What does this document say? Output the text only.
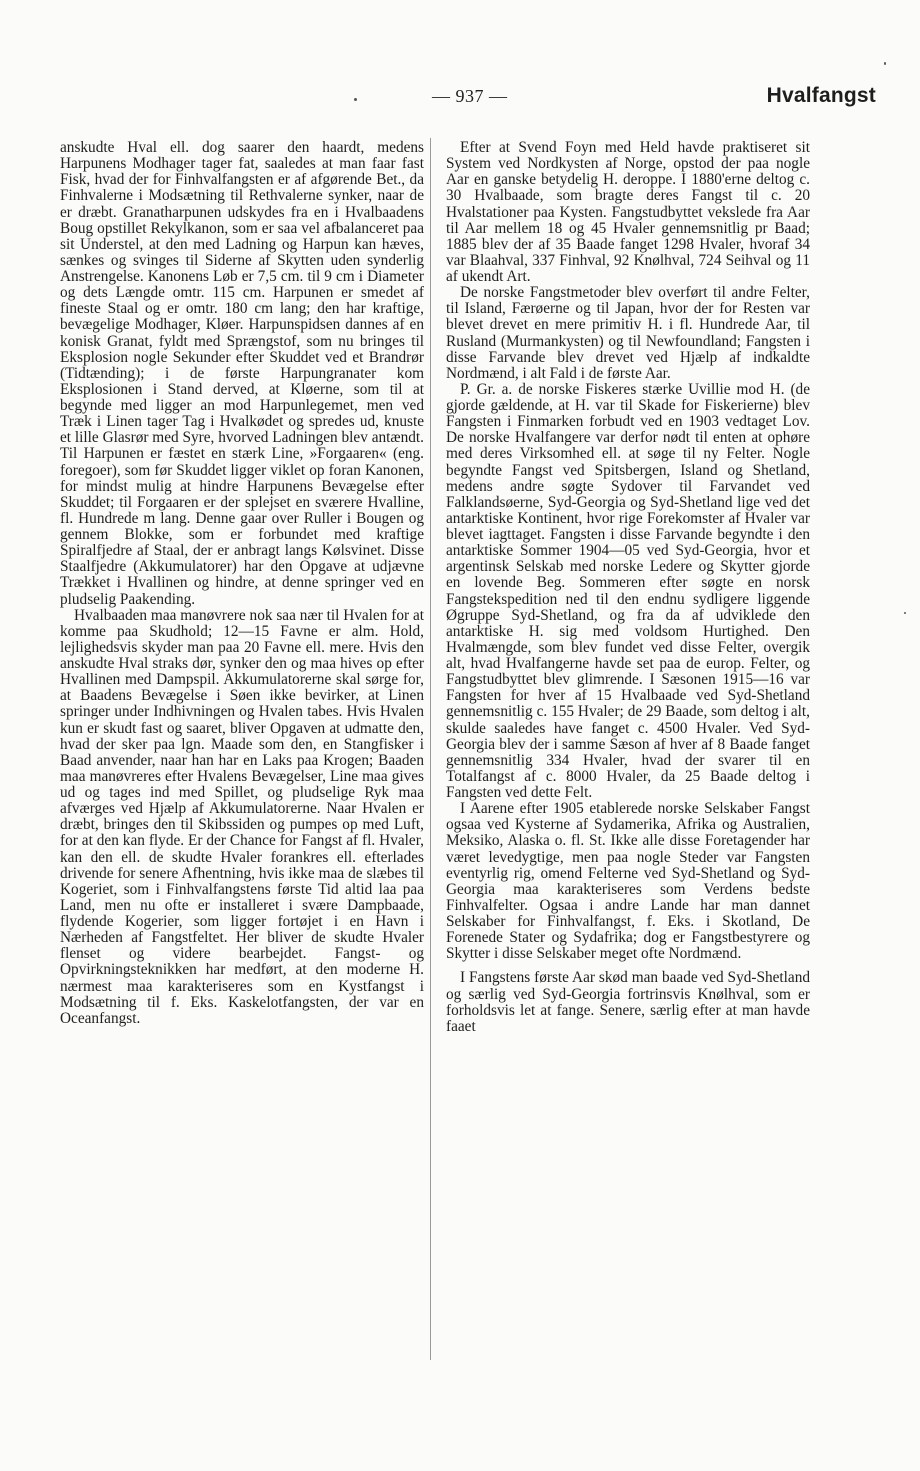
— 937 —	Hvalfangst

anskudte Hval ell. dog saarer den haardt, medens Harpunens Modhager tager fat, saaledes at man faar fast Fisk, hvad der for Finhvalfangsten er af afgørende Bet., da Finhvalerne i Modsætning til Rethvalerne synker, naar de er dræbt. Granatharpunen udskydes fra en i Hvalbaadens Boug opstillet Rekylkanon, som er saa vel afbalanceret paa sit Understel, at den med Ladning og Harpun kan hæves, sænkes og svinges til Siderne af Skytten uden synderlig Anstrengelse. Kanonens Løb er 7,5 cm. til 9 cm i Diameter og dets Længde omtr. 115 cm. Harpunen er smedet af fineste Staal og er omtr. 180 cm lang; den har kraftige, bevægelige Modhager, Kløer. Harpunspidsen dannes af en konisk Granat, fyldt med Sprængstof, som nu bringes til Eksplosion nogle Sekunder efter Skuddet ved et Brandrør (Tidtænding); i de første Harpungranater kom Eksplosionen i Stand derved, at Kløerne, som til at begynde med ligger an mod Harpunlegemet, men ved Træk i Linen tager Tag i Hvalkødet og spredes ud, knuste et lille Glasrør med Syre, hvorved Ladningen blev antændt. Til Harpunen er fæstet en stærk Line, »Forgaaren« (eng. foregoer), som før Skuddet ligger viklet op foran Kanonen, for mindst mulig at hindre Harpunens Bevægelse efter Skuddet; til Forgaaren er der splejset en sværere Hvalline, fl. Hundrede m lang. Denne gaar over Ruller i Bougen og gennem Blokke, som er forbundet med kraftige Spiralfjedre af Staal, der er anbragt langs Kølsvinet. Disse Staalfjedre (Akkumulatorer) har den Opgave at udjævne Trækket i Hvallinen og hindre, at denne springer ved en pludselig Paakending.

Hvalbaaden maa manøvrere nok saa nær til Hvalen for at komme paa Skudhold; 12—15 Favne er alm. Hold, lejlighedsvis skyder man paa 20 Favne ell. mere. Hvis den anskudte Hval straks dør, synker den og maa hives op efter Hvallinen med Dampspil. Akkumulatorerne skal sørge for, at Baadens Bevægelse i Søen ikke bevirker, at Linen springer under Indhivningen og Hvalen tabes. Hvis Hvalen kun er skudt fast og saaret, bliver Opgaven at udmatte den, hvad der sker paa lgn. Maade som den, en Stangfisker i Baad anvender, naar han har en Laks paa Krogen; Baaden maa manøvreres efter Hvalens Bevægelser, Line maa gives ud og tages ind med Spillet, og pludselige Ryk maa afværges ved Hjælp af Akkumulatorerne. Naar Hvalen er dræbt, bringes den til Skibssiden og pumpes op med Luft, for at den kan flyde. Er der Chance for Fangst af fl. Hvaler, kan den ell. de skudte Hvaler forankres ell. efterlades drivende for senere Afhentning, hvis ikke maa de slæbes til Kogeriet, som i Finhvalfangstens første Tid altid laa paa Land, men nu ofte er installeret i svære Dampbaade, flydende Kogerier, som ligger fortøjet i en Havn i Nærheden af Fangstfeltet. Her bliver de skudte Hvaler flenset og videre bearbejdet. Fangst- og Opvirkningsteknikken har medført, at den moderne H. nærmest maa karakteriseres som en Kystfangst i Modsætning til f. Eks. Kaskelotfangsten, der var en Oceanfangst.

Efter at Svend Foyn med Held havde praktiseret sit System ved Nordkysten af Norge, opstod der paa nogle Aar en ganske betydelig H. deroppe. I 1880'erne deltog c. 30 Hvalbaade, som bragte deres Fangst til c. 20 Hvalstationer paa Kysten. Fangstudbyttet vekslede fra Aar til Aar mellem 18 og 45 Hvaler gennemsnitlig pr Baad; 1885 blev der af 35 Baade fanget 1298 Hvaler, hvoraf 34 var Blaahval, 337 Finhval, 92 Knølhval, 724 Seihval og 11 af ukendt Art.

De norske Fangstmetoder blev overført til andre Felter, til Island, Færøerne og til Japan, hvor der for Resten var blevet drevet en mere primitiv H. i fl. Hundrede Aar, til Rusland (Murmankysten) og til Newfoundland; Fangsten i disse Farvande blev drevet ved Hjælp af indkaldte Nordmænd, i alt Fald i de første Aar.

P. Gr. a. de norske Fiskeres stærke Uvillie mod H. (de gjorde gældende, at H. var til Skade for Fiskerierne) blev Fangsten i Finmarken forbudt ved en 1903 vedtaget Lov. De norske Hvalfangere var derfor nødt til enten at ophøre med deres Virksomhed ell. at søge til ny Felter. Nogle begyndte Fangst ved Spitsbergen, Island og Shetland, medens andre søgte Sydover til Farvandet ved Falklandsøerne, Syd-Georgia og Syd-Shetland lige ved det antarktiske Kontinent, hvor rige Forekomster af Hvaler var blevet iagttaget. Fangsten i disse Farvande begyndte i den antarktiske Sommer 1904—05 ved Syd-Georgia, hvor et argentinsk Selskab med norske Ledere og Skytter gjorde en lovende Beg. Sommeren efter søgte en norsk Fangstekspedition ned til den endnu sydligere liggende Øgruppe Syd-Shetland, og fra da af udviklede den antarktiske H. sig med voldsom Hurtighed. Den Hvalmængde, som blev fundet ved disse Felter, overgik alt, hvad Hvalfangerne havde set paa de europ. Felter, og Fangstudbyttet blev glimrende. I Sæsonen 1915—16 var Fangsten for hver af 15 Hvalbaade ved Syd-Shetland gennemsnitlig c. 155 Hvaler; de 29 Baade, som deltog i alt, skulde saaledes have fanget c. 4500 Hvaler. Ved Syd-Georgia blev der i samme Sæson af hver af 8 Baade fanget gennemsnitlig 334 Hvaler, hvad der svarer til en Totalfangst af c. 8000 Hvaler, da 25 Baade deltog i Fangsten ved dette Felt.

I Aarene efter 1905 etablerede norske Selskaber Fangst ogsaa ved Kysterne af Sydamerika, Afrika og Australien, Meksiko, Alaska o. fl. St. Ikke alle disse Foretagender har været levedygtige, men paa nogle Steder var Fangsten eventyrlig rig, omend Felterne ved Syd-Shetland og Syd-Georgia maa karakteriseres som Verdens bedste Finhvalfelter. Ogsaa i andre Lande har man dannet Selskaber for Finhvalfangst, f. Eks. i Skotland, De Forenede Stater og Sydafrika; dog er Fangstbestyrere og Skytter i disse Selskaber meget ofte Nordmænd.

I Fangstens første Aar skød man baade ved Syd-Shetland og særlig ved Syd-Georgia fortrinsvis Knølhval, som er forholdsvis let at fange. Senere, særlig efter at man havde faaet
